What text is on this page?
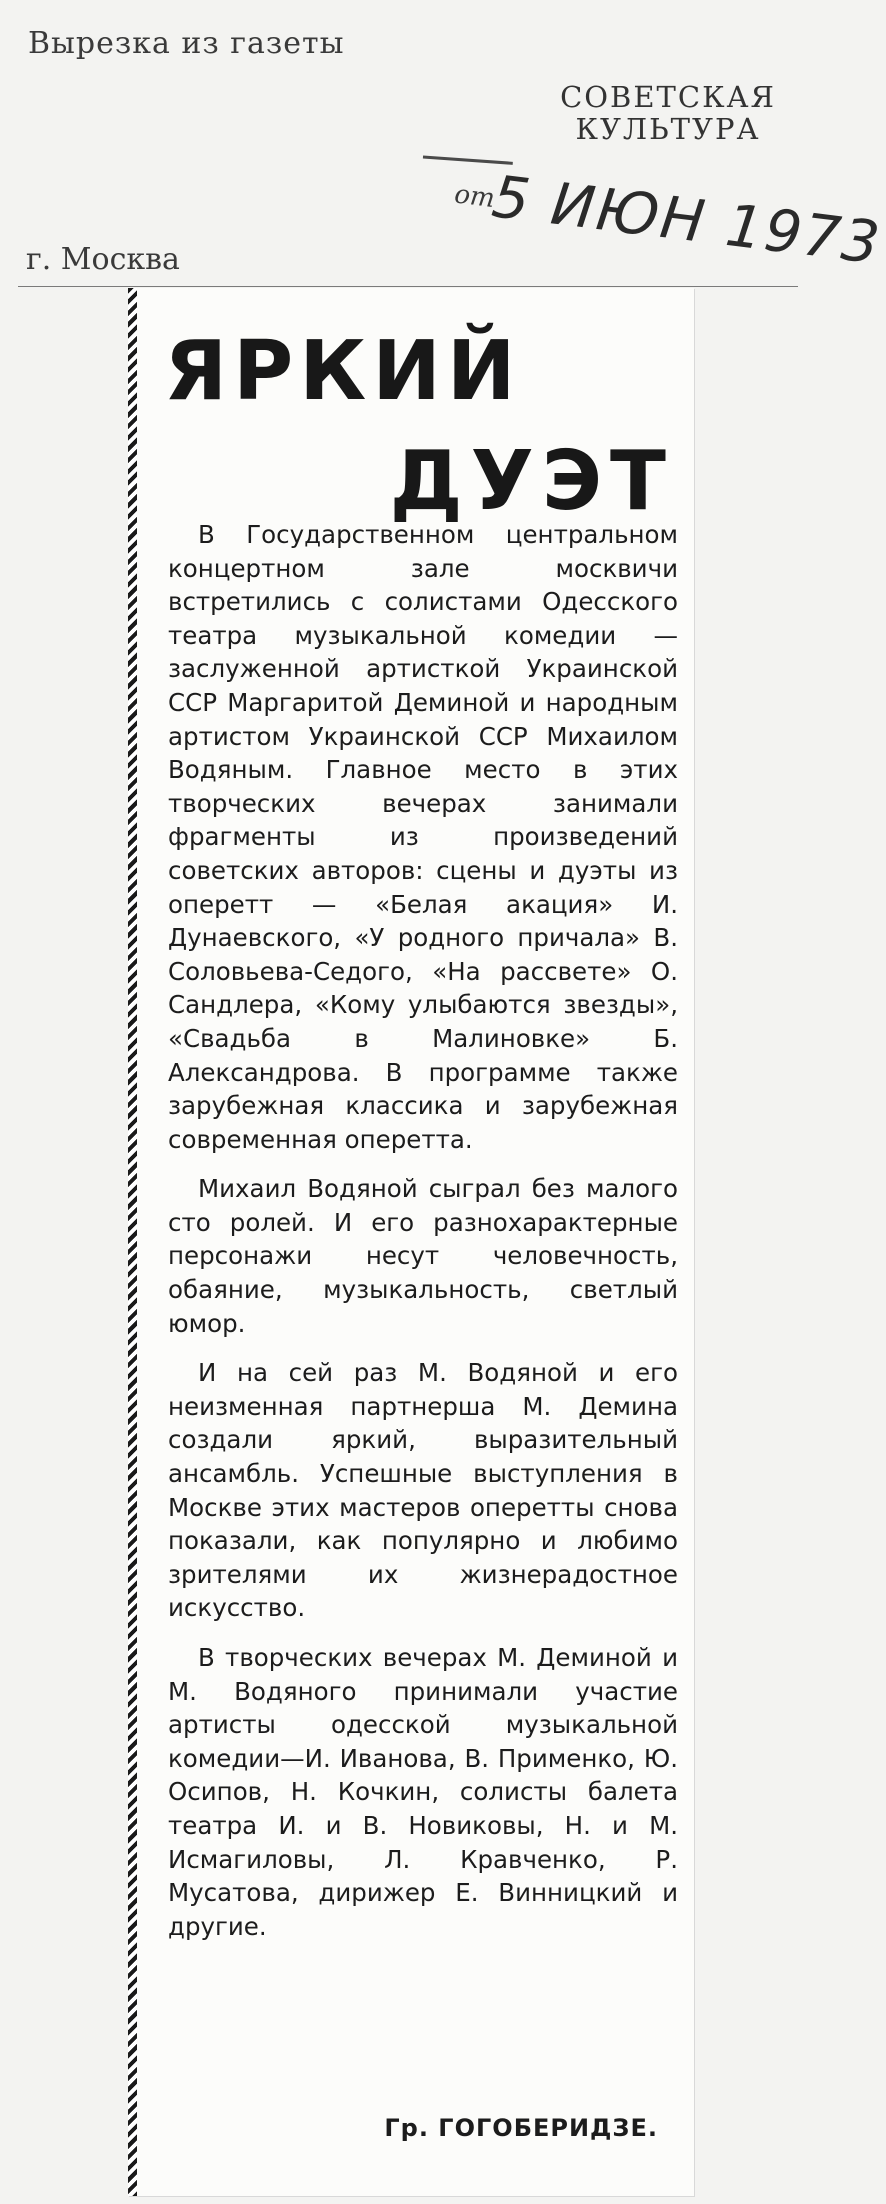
Вырезка из газеты
СОВЕТСКАЯ
КУЛЬТУРА
от
5 ИЮН 1973
г. Москва
ЯРКИЙ
ДУЭТ

В Государственном центральном концертном зале москвичи встретились с солистами Одесского театра музыкальной комедии — заслуженной артисткой Украинской ССР Маргаритой Деминой и народным артистом Украинской ССР Михаилом Водяным. Главное место в этих творческих вечерах занимали фрагменты из произведений советских авторов: сцены и дуэты из оперетт — «Белая акация» И. Дунаевского, «У родного причала» В. Соловьева-Седого, «На рассвете» О. Сандлера, «Кому улыбаются звезды», «Свадьба в Малиновке» Б. Александрова. В программе также зарубежная классика и зарубежная современная оперетта.

Михаил Водяной сыграл без малого сто ролей. И его разнохарактерные персонажи несут человечность, обаяние, музыкальность, светлый юмор.

И на сей раз М. Водяной и его неизменная партнерша М. Демина создали яркий, выразительный ансамбль. Успешные выступления в Москве этих мастеров оперетты снова показали, как популярно и любимо зрителями их жизнерадостное искусство.

В творческих вечерах М. Деминой и М. Водяного принимали участие артисты одесской музыкальной комедии—И. Иванова, В. Применко, Ю. Осипов, Н. Кочкин, солисты балета театра И. и В. Новиковы, Н. и М. Исмагиловы, Л. Кравченко, Р. Мусатова, дирижер Е. Винницкий и другие.

Гр. ГОГОБЕРИДЗЕ.
